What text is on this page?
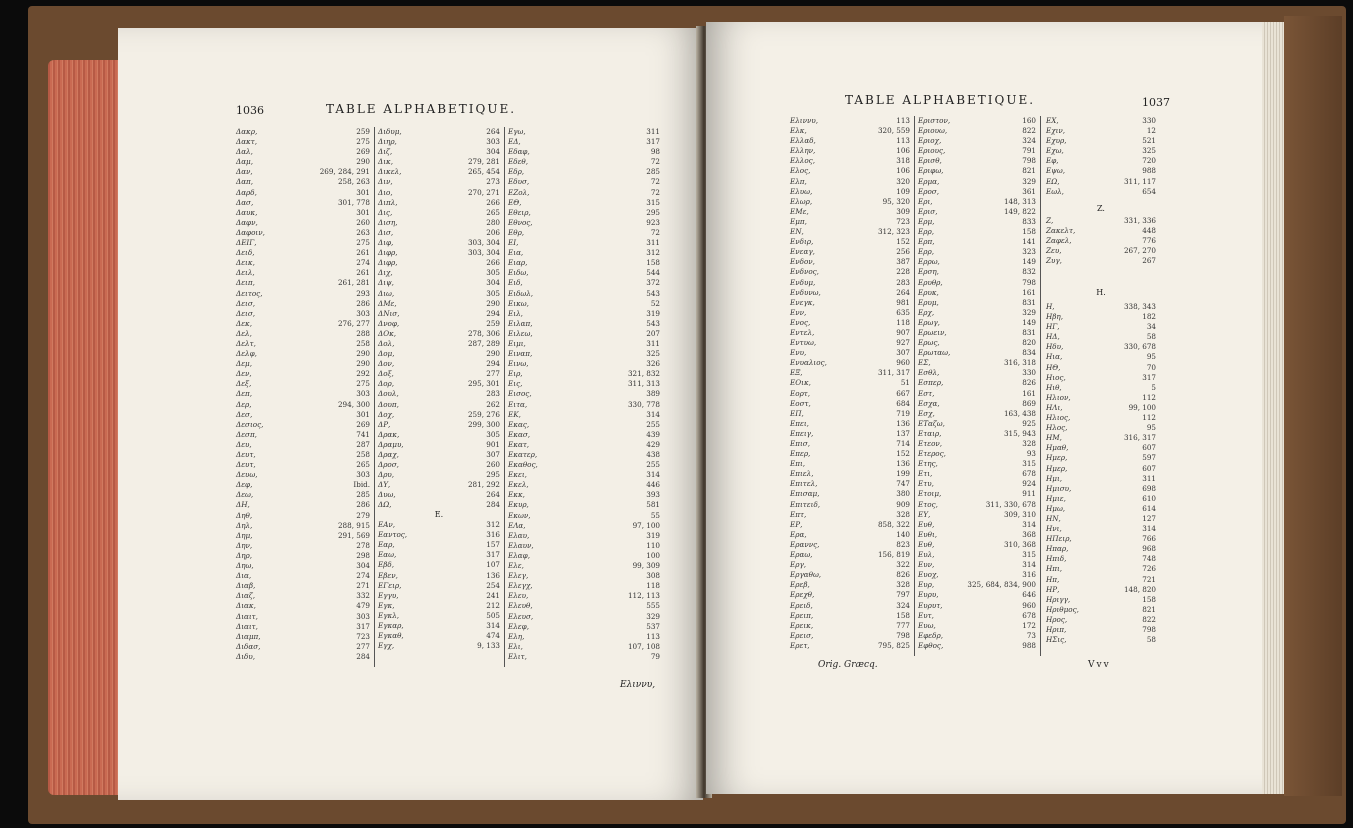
1036	TABLE ALPHABETIQUE.
Δακρ,	259
Δακτ,	275
Δαλ,	269
Δαμ,	290
Δαν,	269, 284, 291
Δαπ,	258, 263
Δαρδ,	301
Δασ,	301, 778
Δαυκ,	301
Δαφν,	260
Δαφοιν,	263
ΔΕΙΓ,	275
Δειδ,	261
Δεικ,	274
Δειλ,	261
Δειπ,	261, 281
Δειτος,	293
Δεισ,	286
Δεισ,	303
Δεκ,	276, 277
Δελ,	288
Δελτ,	258
Δελφ,	290
Δεμ,	290
Δεν,	292
Δεξ,	275
Δεπ,	303
Δερ,	294, 300
Δεσ,	301
Δεσιος,	269
Δεσπ,	741
Δευ,	287
Δευτ,	258
Δευτ,	265
Δευω,	303
Δεφ,	Ibid.
Δεω,	285
ΔΗ,	286
Δηθ,	279
Δηλ,	288, 915
Δημ,	291, 569
Δην,	278
Δηρ,	298
Δηω,	304
Δια,	274
Διαβ,	271
Διαζ,	332
Διακ,	479
Διαιτ,	303
Διαιτ,	317
Διαμπ,	723
Διδασ,	277
Διδυ,	284
Διδυμ,	264
Διηρ,	303
Διζ,	304
Δικ,	279, 281
Δικελ,	265, 454
Διν,	273
Διο,	270, 271
Διπλ,	266
Δις,	265
Διση,	280
Δισ,	206
Διφ,	303, 304
Διφρ,	303, 304
Διφρ,	266
Διχ,	305
Διψ,	304
Διω,	305
ΔΜε,	290
ΔΝισ,	294
Δνοφ,	259
ΔΟκ,	278, 306
Δολ,	287, 289
Δομ,	290
Δον,	294
Δοξ,	277
Δορ,	295, 301
Δουλ,	283
Δουπ,	262
Δοχ,	259, 276
ΔΡ,	299, 300
Δρακ,	305
Δραμυ,	901
Δραχ,	307
Δροσ,	260
Δρυ,	295
ΔΥ,	281, 292
Δυω,	264
ΔΩ,	284
E.
ΕΑν,	312
Εαντος,	316
Εαρ,	157
Εαω,	317
Εβδ,	107
Εβεν,	136
ΕΓειρ,	254
Εγγυ,	241
Εγκ,	212
Εγκλ,	505
Εγκαρ,	314
Εγκαθ,	474
Εγχ,	9, 133
Εγω,	311
ΕΔ,	317
Εδαφ,	98
Εδεθ,	72
Εδρ,	285
Εδυσ,	72
ΕΖολ,	72
ΕΘ,	315
Εθειρ,	295
Εθνος,	923
Εθρ,	72
ΕΙ,	311
Εια,	312
Ειαρ,	158
Ειδω,	544
Ειδ,	372
Ειδωλ,	543
Εικω,	52
Ειλ,	319
Ειλαπ,	543
Ειλεω,	207
Ειμι,	311
Ειναπ,	325
Εινω,	326
Ειρ,	321, 832
Εις,	311, 313
Εισος,	389
Ειτα,	330, 778
ΕΚ,	314
Εκας,	255
Εκασ,	439
Εκατ,	429
Εκατερ,	438
Εκαθος,	255
Εκει,	314
Εκελ,	446
Εκκ,	393
Εκυρ,	581
Εκων,	55
ΕΛα,	97, 100
Ελαυ,	319
Ελαυν,	110
Ελαφ,	100
Ελε,	99, 309
Ελεγ,	308
Ελεγχ,	118
Ελευ,	112, 113
Ελευθ,	555
Ελευσ,	329
Ελεφ,	537
Ελη,	113
Ελι,	107, 108
Ελιτ,	79
Ελιννυ,
TABLE ALPHABETIQUE.	1037
Ελιννυ,	113
Ελκ,	320, 559
Ελλαδ,	113
Ελλην,	106
Ελλος,	318
Ελος,	106
Ελπ,	320
Ελυω,	109
Ελωρ,	95, 320
ΕΜε,	309
Εμπ,	723
ΕΝ,	312, 323
Ενδιρ,	152
Ενεαγ,	256
Ενδον,	387
Ενδνος,	228
Ενδυμ,	283
Ενδυνω,	264
Ενεγκ,	981
Ενν,	635
Ενος,	118
Εντελ,	907
Εντυω,	927
Ενυ,	307
Ενυαλιος,	960
ΕΞ,	311, 317
ΕΟικ,	51
Εορτ,	667
Εοστ,	684
ΕΠ,	719
Επει,	136
Επειγ,	137
Επισ,	714
Επερ,	152
Επι,	136
Επιελ,	199
Επιτελ,	747
Επισαμ,	380
Επιτειδ,	909
Επτ,	328
ΕΡ,	858, 322
Ερα,	140
Εραννς,	823
Εραω,	156, 819
Εργ,	322
Εργαθω,	826
Ερεβ,	328
Ερεχθ,	797
Ερειδ,	324
Ερειπ,	158
Ερεικ,	777
Ερεισ,	798
Ερετ,	795, 825
Εριστον,	160
Εριουω,	822
Εριοχ,	324
Εριους,	791
Ερισθ,	798
Εριφω,	821
Ερμα,	329
Εροσ,	361
Ερι,	148, 313
Ερισ,	149, 822
Ερμ,	833
Ερρ,	158
Ερπ,	141
Ερρ,	323
Ερρω,	149
Ερση,	832
Ερυθρ,	798
Ερυκ,	161
Ερυμ,	831
Ερχ,	329
Ερωγ,	149
Ερωειν,	831
Ερως,	820
Ερωταω,	834
ΕΣ,	316, 318
Εσθλ,	330
Εσπερ,	826
Εστ,	161
Εσχα,	869
Εσχ,	163, 438
ΕΤαζω,	925
Εταιρ,	315, 943
Ετεον,	328
Ετερος,	93
Ετης,	315
Ετι,	678
Ετυ,	924
Ετοιμ,	911
Ετος,	311, 330, 678
ΕΥ,	309, 310
Ευθ,	314
Ευθι,	368
Ευθ,	310, 368
Ευλ,	315
Ευν,	314
Ευοχ,	316
Ευρ,	325, 684, 834, 900
Ευρυ,	646
Ευρυτ,	960
Ευτ,	678
Ευω,	172
Εφεδρ,	73
Εφθος,	988
ΕΧ,	330
Εχιν,	12
Εχυρ,	521
Εχω,	325
Εφ,	720
Εψω,	988
ΕΩ,	311, 117
Εωλ,	654
Z.
Ζ,	331, 336
Ζακελτ,	448
Ζαφελ,	776
Ζευ,	267, 270
Ζυγ,	267
H.
Η,	338, 343
Ηβη,	182
ΗΓ,	34
ΗΔ,	58
Ηδυ,	330, 678
Ηια,	95
ΗΘ,	70
Ηιος,	317
Ηιθ,	5
Ηλιον,	112
ΗΛι,	99, 100
Ηλιος,	112
Ηλος,	95
ΗΜ,	316, 317
Ημαθ,	607
Ημερ,	597
Ημερ,	607
Ημι,	311
Ημισυ,	698
Ημιε,	610
Ημω,	614
ΗΝ,	127
Ηνι,	314
ΗΠειρ,	766
Ηπαρ,	968
Ηπιδ,	748
Ηπι,	726
Ηπ,	721
ΗΡ,	148, 820
Ηριγγ,	158
Ηριθμος,	821
Ηρος,	822
Ηριπ,	798
ΗΣις,	58
Orig. Græcq.	Vvv
